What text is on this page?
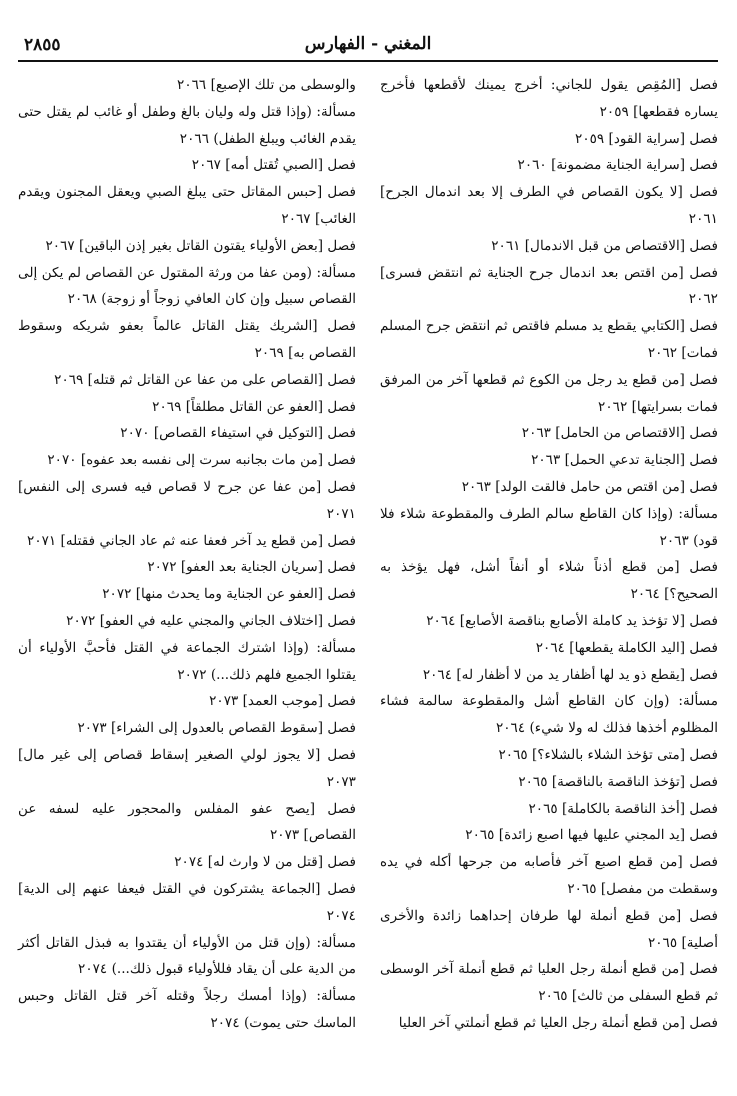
المغني - الفهارس
٢٨٥٥

فصل [المُقِص يقول للجاني: أخرج يمينك لأقطعها فأخرج يساره فقطعها] ٢٠٥٩

فصل [سراية القود] ٢٠٥٩

فصل [سراية الجناية مضمونة] ٢٠٦٠

فصل [لا يكون القصاص في الطرف إلا بعد اندمال الجرح] ٢٠٦١

فصل [الاقتصاص من قبل الاندمال] ٢٠٦١

فصل [من اقتص بعد اندمال جرح الجناية ثم انتقض فسرى] ٢٠٦٢

فصل [الكتابي يقطع يد مسلم فاقتص ثم انتقض جرح المسلم فمات] ٢٠٦٢

فصل [من قطع يد رجل من الكوع ثم قطعها آخر من المرفق فمات بسرايتها] ٢٠٦٢

فصل [الاقتصاص من الحامل] ٢٠٦٣

فصل [الجناية تدعي الحمل] ٢٠٦٣

فصل [من اقتص من حامل فالقت الولد] ٢٠٦٣

مسألة: (وإذا كان القاطع سالم الطرف والمقطوعة شلاء فلا قود) ٢٠٦٣

فصل [من قطع أذناً شلاء أو أنفاً أشل، فهل يؤخذ به الصحيح؟] ٢٠٦٤

فصل [لا تؤخذ يد كاملة الأصابع بناقصة الأصابع] ٢٠٦٤

فصل [اليد الكاملة يقطعها] ٢٠٦٤

فصل [يقطع ذو يد لها أظفار يد من لا أظفار له] ٢٠٦٤

مسألة: (وإن كان القاطع أشل والمقطوعة سالمة فشاء المظلوم أخذها فذلك له ولا شيء) ٢٠٦٤

فصل [متى تؤخذ الشلاء بالشلاء؟] ٢٠٦٥

فصل [تؤخذ الناقصة بالناقصة] ٢٠٦٥

فصل [أخذ الناقصة بالكاملة] ٢٠٦٥

فصل [يد المجني عليها فيها اصبع زائدة] ٢٠٦٥

فصل [من قطع اصبع آخر فأصابه من جرحها أكله في يده وسقطت من مفصل] ٢٠٦٥

فصل [من قطع أنملة لها طرفان إحداهما زائدة والأخرى أصلية] ٢٠٦٥

فصل [من قطع أنملة رجل العليا ثم قطع أنملة آخر الوسطى ثم قطع السفلى من ثالث] ٢٠٦٥

فصل [من قطع أنملة رجل العليا ثم قطع أنملتي آخر العليا

والوسطى من تلك الإصبع] ٢٠٦٦

مسألة: (وإذا قتل وله وليان بالغ وطفل أو غائب لم يقتل حتى يقدم الغائب ويبلغ الطفل) ٢٠٦٦

فصل [الصبي تُقتل أمه] ٢٠٦٧

فصل [حبس المقاتل حتى يبلغ الصبي ويعقل المجنون ويقدم الغائب] ٢٠٦٧

فصل [بعض الأولياء يقتون القاتل بغير إذن الباقين] ٢٠٦٧

مسألة: (ومن عفا من ورثة المقتول عن القصاص لم يكن إلى القصاص سبيل وإن كان العافي زوجاً أو زوجة) ٢٠٦٨

فصل [الشريك يقتل القاتل عالماً بعفو شريكه وسقوط القصاص به] ٢٠٦٩

فصل [القصاص على من عفا عن القاتل ثم قتله] ٢٠٦٩

فصل [العفو عن القاتل مطلقاً] ٢٠٦٩

فصل [التوكيل في استيفاء القصاص] ٢٠٧٠

فصل [من مات بجانبه سرت إلى نفسه بعد عفوه] ٢٠٧٠

فصل [من عفا عن جرح لا قصاص فيه فسرى إلى النفس] ٢٠٧١

فصل [من قطع يد آخر فعفا عنه ثم عاد الجاني فقتله] ٢٠٧١

فصل [سريان الجناية بعد العفو] ٢٠٧٢

فصل [العفو عن الجناية وما يحدث منها] ٢٠٧٢

فصل [اختلاف الجاني والمجني عليه في العفو] ٢٠٧٢

مسألة: (وإذا اشترك الجماعة في القتل فأحبَّ الأولياء أن يقتلوا الجميع فلهم ذلك...) ٢٠٧٢

فصل [موجب العمد] ٢٠٧٣

فصل [سقوط القصاص بالعدول إلى الشراء] ٢٠٧٣

فصل [لا يجوز لولي الصغير إسقاط قصاص إلى غير مال] ٢٠٧٣

فصل [يصح عفو المفلس والمحجور عليه لسفه عن القصاص] ٢٠٧٣

فصل [قتل من لا وارث له] ٢٠٧٤

فصل [الجماعة يشتركون في القتل فيعفا عنهم إلى الدية] ٢٠٧٤

مسألة: (وإن قتل من الأولياء أن يقتدوا به فبذل القاتل أكثر من الدية على أن يقاد فللأولياء قبول ذلك...) ٢٠٧٤

مسألة: (وإذا أمسك رجلاً وقتله آخر قتل القاتل وحبس الماسك حتى يموت) ٢٠٧٤
